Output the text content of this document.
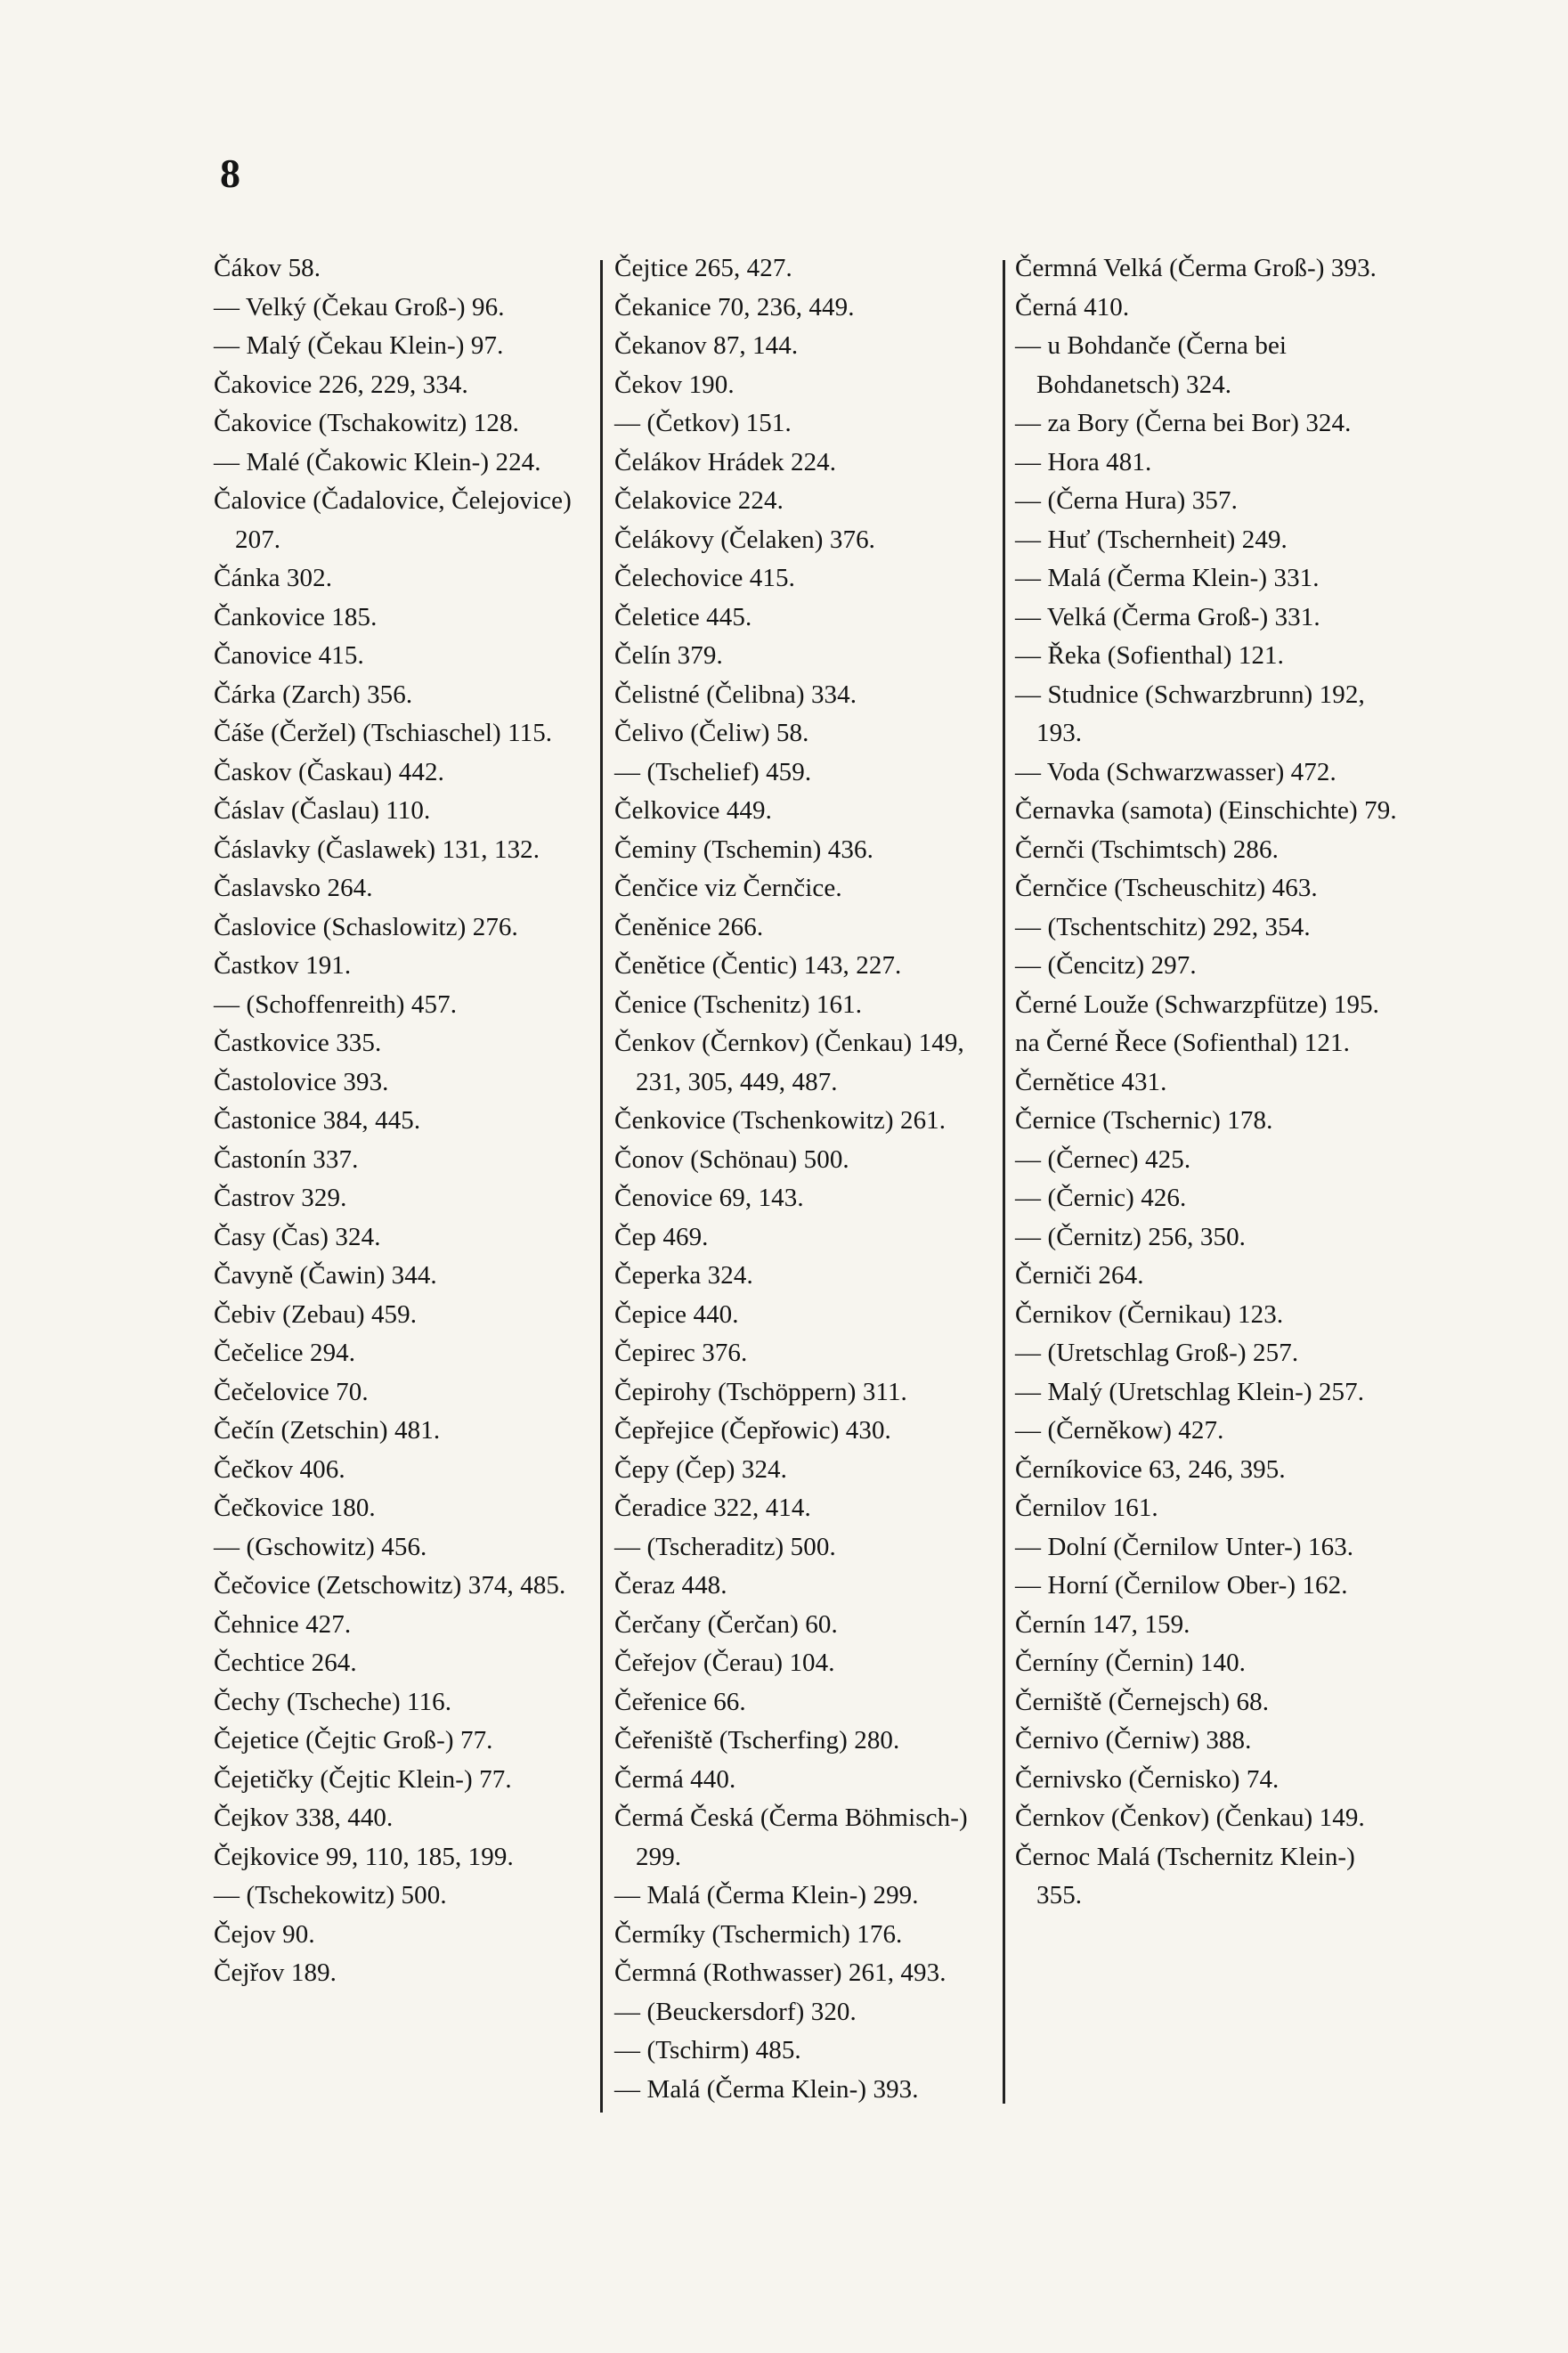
8
Čákov 58.
— Velký (Čekau Groß-) 96.
— Malý (Čekau Klein-) 97.
Čakovice 226, 229, 334.
Čakovice (Tschakowitz) 128.
— Malé (Čakowic Klein-) 224.
Čalovice (Čadalovice, Čelejovice) 207.
Čánka 302.
Čankovice 185.
Čanovice 415.
Čárka (Zarch) 356.
Čáše (Čeržel) (Tschiaschel) 115.
Časkov (Časkau) 442.
Čáslav (Časlau) 110.
Čáslavky (Časlawek) 131, 132.
Časlavsko 264.
Časlovice (Schaslowitz) 276.
Častkov 191.
— (Schoffenreith) 457.
Častkovice 335.
Častolovice 393.
Častonice 384, 445.
Častonín 337.
Častrov 329.
Časy (Čas) 324.
Čavyně (Čawin) 344.
Čebiv (Zebau) 459.
Čečelice 294.
Čečelovice 70.
Čečín (Zetschin) 481.
Čečkov 406.
Čečkovice 180.
— (Gschowitz) 456.
Čečovice (Zetschowitz) 374, 485.
Čehnice 427.
Čechtice 264.
Čechy (Tscheche) 116.
Čejetice (Čejtic Groß-) 77.
Čejetičky (Čejtic Klein-) 77.
Čejkov 338, 440.
Čejkovice 99, 110, 185, 199.
— (Tschekowitz) 500.
Čejov 90.
Čejřov 189.
Čejtice 265, 427.
Čekanice 70, 236, 449.
Čekanov 87, 144.
Čekov 190.
— (Četkov) 151.
Čelákov Hrádek 224.
Čelakovice 224.
Čelákovy (Čelaken) 376.
Čelechovice 415.
Čeletice 445.
Čelín 379.
Čelistné (Čelibna) 334.
Čelivo (Čeliw) 58.
— (Tschelief) 459.
Čelkovice 449.
Čeminy (Tschemin) 436.
Čenčice viz Černčice.
Čeněnice 266.
Čenětice (Čentic) 143, 227.
Čenice (Tschenitz) 161.
Čenkov (Černkov) (Čenkau) 149, 231, 305, 449, 487.
Čenkovice (Tschenkowitz) 261.
Čonov (Schönau) 500.
Čenovice 69, 143.
Čep 469.
Čeperka 324.
Čepice 440.
Čepirec 376.
Čepirohy (Tschöppern) 311.
Čepřejice (Čepřowic) 430.
Čepy (Čep) 324.
Čeradice 322, 414.
— (Tscheraditz) 500.
Čeraz 448.
Čerčany (Čerčan) 60.
Čeřejov (Čerau) 104.
Čeřenice 66.
Čeřeniště (Tscherfing) 280.
Čermá 440.
Čermá Česká (Čerma Böhmisch-) 299.
— Malá (Čerma Klein-) 299.
Čermíky (Tschermich) 176.
Čermná (Rothwasser) 261, 493.
— (Beuckersdorf) 320.
— (Tschirm) 485.
— Malá (Čerma Klein-) 393.
Čermná Velká (Čerma Groß-) 393.
Černá 410.
— u Bohdanče (Černa bei Bohdanetsch) 324.
— za Bory (Černa bei Bor) 324.
— Hora 481.
— (Černa Hura) 357.
— Huť (Tschernheit) 249.
— Malá (Čerma Klein-) 331.
— Velká (Čerma Groß-) 331.
— Řeka (Sofienthal) 121.
— Studnice (Schwarzbrunn) 192, 193.
— Voda (Schwarzwasser) 472.
Černavka (samota) (Einschichte) 79.
Černči (Tschimtsch) 286.
Černčice (Tscheuschitz) 463.
— (Tschentschitz) 292, 354.
— (Čencitz) 297.
Černé Louže (Schwarzpfütze) 195.
na Černé Řece (Sofienthal) 121.
Černětice 431.
Černice (Tschernic) 178.
— (Černec) 425.
— (Černic) 426.
— (Černitz) 256, 350.
Černiči 264.
Černikov (Černikau) 123.
— (Uretschlag Groß-) 257.
— Malý (Uretschlag Klein-) 257.
— (Černěkow) 427.
Černíkovice 63, 246, 395.
Černilov 161.
— Dolní (Černilow Unter-) 163.
— Horní (Černilow Ober-) 162.
Černín 147, 159.
Černíny (Černin) 140.
Černiště (Černejsch) 68.
Černivo (Černiw) 388.
Černivsko (Černisko) 74.
Černkov (Čenkov) (Čenkau) 149.
Černoc Malá (Tschernitz Klein-) 355.
